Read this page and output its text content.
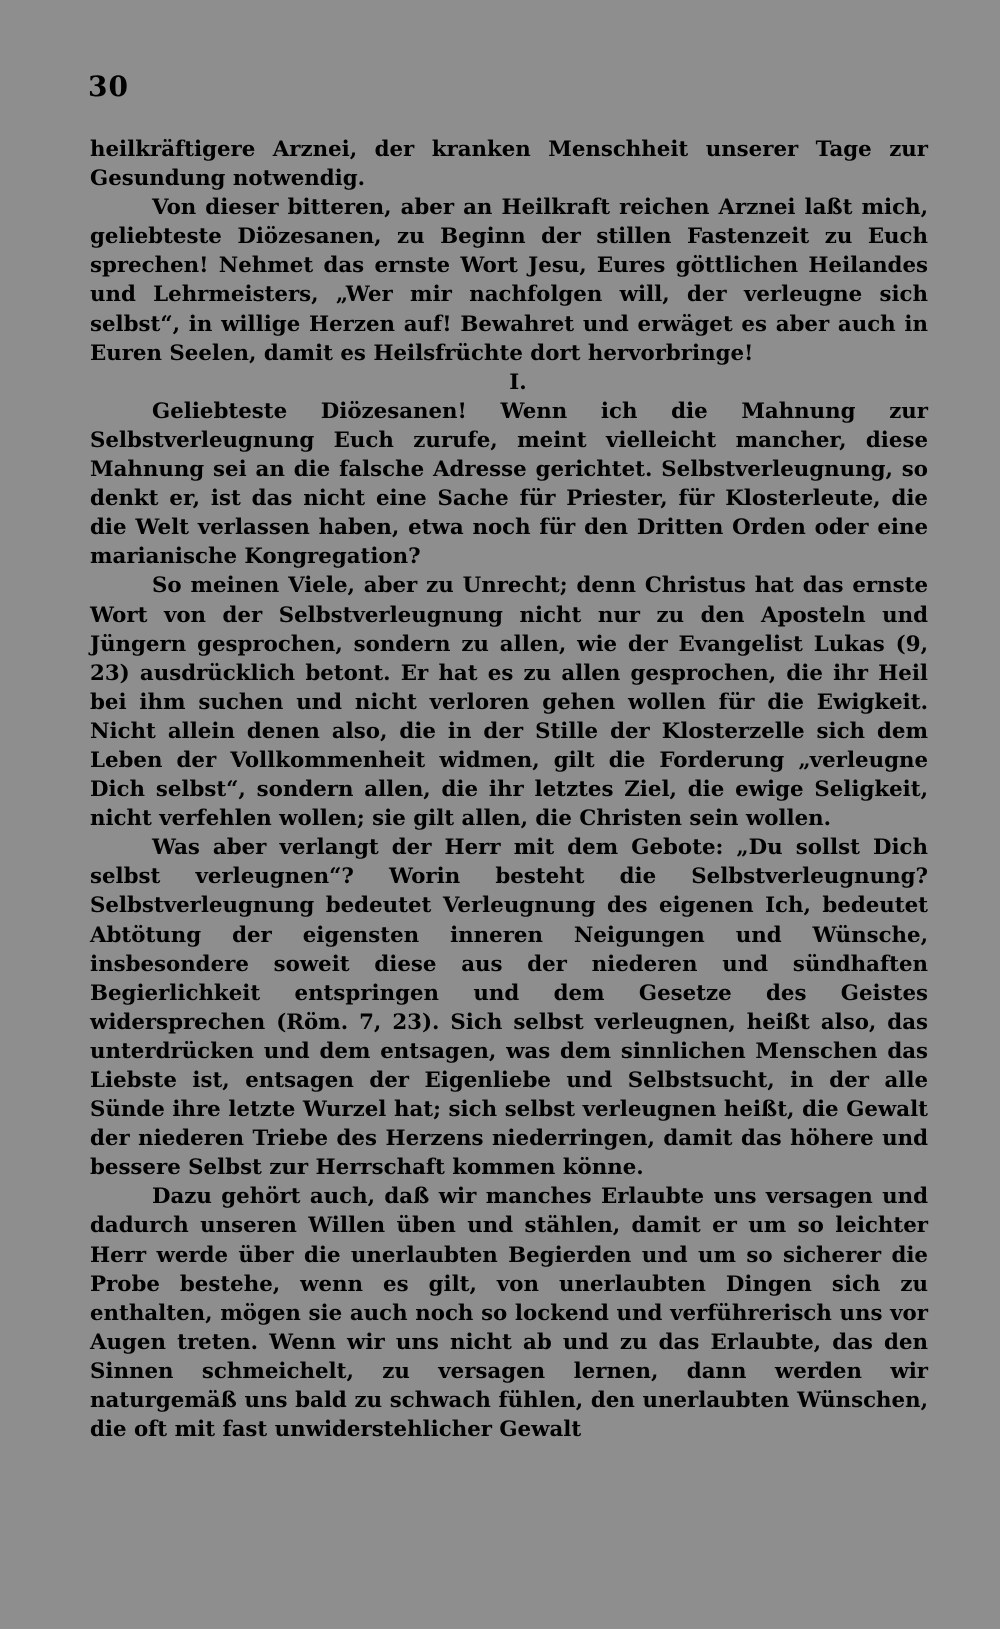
30

heilkräftigere Arznei, der kranken Menschheit unserer Tage zur Gesundung notwendig.

Von dieser bitteren, aber an Heilkraft reichen Arznei laßt mich, geliebteste Diözesanen, zu Beginn der stillen Fastenzeit zu Euch sprechen! Nehmet das ernste Wort Jesu, Eures göttlichen Heilandes und Lehrmeisters, „Wer mir nachfolgen will, der verleugne sich selbst“, in willige Herzen auf! Bewahret und erwäget es aber auch in Euren Seelen, damit es Heilsfrüchte dort hervorbringe!

I.

Geliebteste Diözesanen! Wenn ich die Mahnung zur Selbstverleugnung Euch zurufe, meint vielleicht mancher, diese Mahnung sei an die falsche Adresse gerichtet. Selbstverleugnung, so denkt er, ist das nicht eine Sache für Priester, für Klosterleute, die die Welt verlassen haben, etwa noch für den Dritten Orden oder eine marianische Kongregation?

So meinen Viele, aber zu Unrecht; denn Christus hat das ernste Wort von der Selbstverleugnung nicht nur zu den Aposteln und Jüngern gesprochen, sondern zu allen, wie der Evangelist Lukas (9, 23) ausdrücklich betont. Er hat es zu allen gesprochen, die ihr Heil bei ihm suchen und nicht verloren gehen wollen für die Ewigkeit. Nicht allein denen also, die in der Stille der Klosterzelle sich dem Leben der Vollkommenheit widmen, gilt die Forderung „verleugne Dich selbst“, sondern allen, die ihr letztes Ziel, die ewige Seligkeit, nicht verfehlen wollen; sie gilt allen, die Christen sein wollen.

Was aber verlangt der Herr mit dem Gebote: „Du sollst Dich selbst verleugnen“? Worin besteht die Selbstverleugnung? Selbstverleugnung bedeutet Verleugnung des eigenen Ich, bedeutet Abtötung der eigensten inneren Neigungen und Wünsche, insbesondere soweit diese aus der niederen und sündhaften Begierlichkeit entspringen und dem Gesetze des Geistes widersprechen (Röm. 7, 23). Sich selbst verleugnen, heißt also, das unterdrücken und dem entsagen, was dem sinnlichen Menschen das Liebste ist, entsagen der Eigenliebe und Selbstsucht, in der alle Sünde ihre letzte Wurzel hat; sich selbst verleugnen heißt, die Gewalt der niederen Triebe des Herzens niederringen, damit das höhere und bessere Selbst zur Herrschaft kommen könne.

Dazu gehört auch, daß wir manches Erlaubte uns versagen und dadurch unseren Willen üben und stählen, damit er um so leichter Herr werde über die unerlaubten Begierden und um so sicherer die Probe bestehe, wenn es gilt, von unerlaubten Dingen sich zu enthalten, mögen sie auch noch so lockend und verführerisch uns vor Augen treten. Wenn wir uns nicht ab und zu das Erlaubte, das den Sinnen schmeichelt, zu versagen lernen, dann werden wir naturgemäß uns bald zu schwach fühlen, den unerlaubten Wünschen, die oft mit fast unwiderstehlicher Gewalt
